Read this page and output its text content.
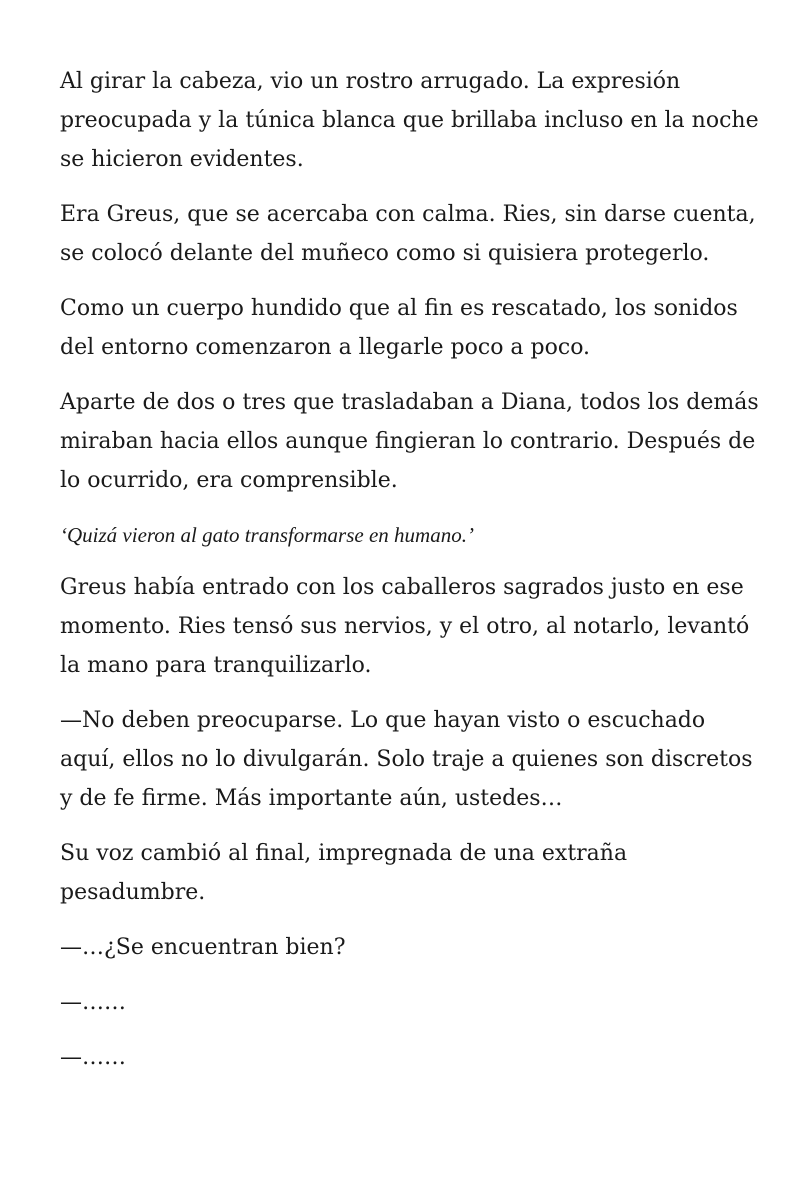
Al girar la cabeza, vio un rostro arrugado. La expresión preocupada y la túnica blanca que brillaba incluso en la noche se hicieron evidentes.

Era Greus, que se acercaba con calma. Ries, sin darse cuenta, se colocó delante del muñeco como si quisiera protegerlo.

Como un cuerpo hundido que al fin es rescatado, los sonidos del entorno comenzaron a llegarle poco a poco.

Aparte de dos o tres que trasladaban a Diana, todos los demás miraban hacia ellos aunque fingieran lo contrario. Después de lo ocurrido, era comprensible.

‘Quizá vieron al gato transformarse en humano.’

Greus había entrado con los caballeros sagrados justo en ese momento. Ries tensó sus nervios, y el otro, al notarlo, levantó la mano para tranquilizarlo.

—No deben preocuparse. Lo que hayan visto o escuchado aquí, ellos no lo divulgarán. Solo traje a quienes son discretos y de fe firme. Más importante aún, ustedes…

Su voz cambió al final, impregnada de una extraña pesadumbre.

—…¿Se encuentran bien?

—……

—……
